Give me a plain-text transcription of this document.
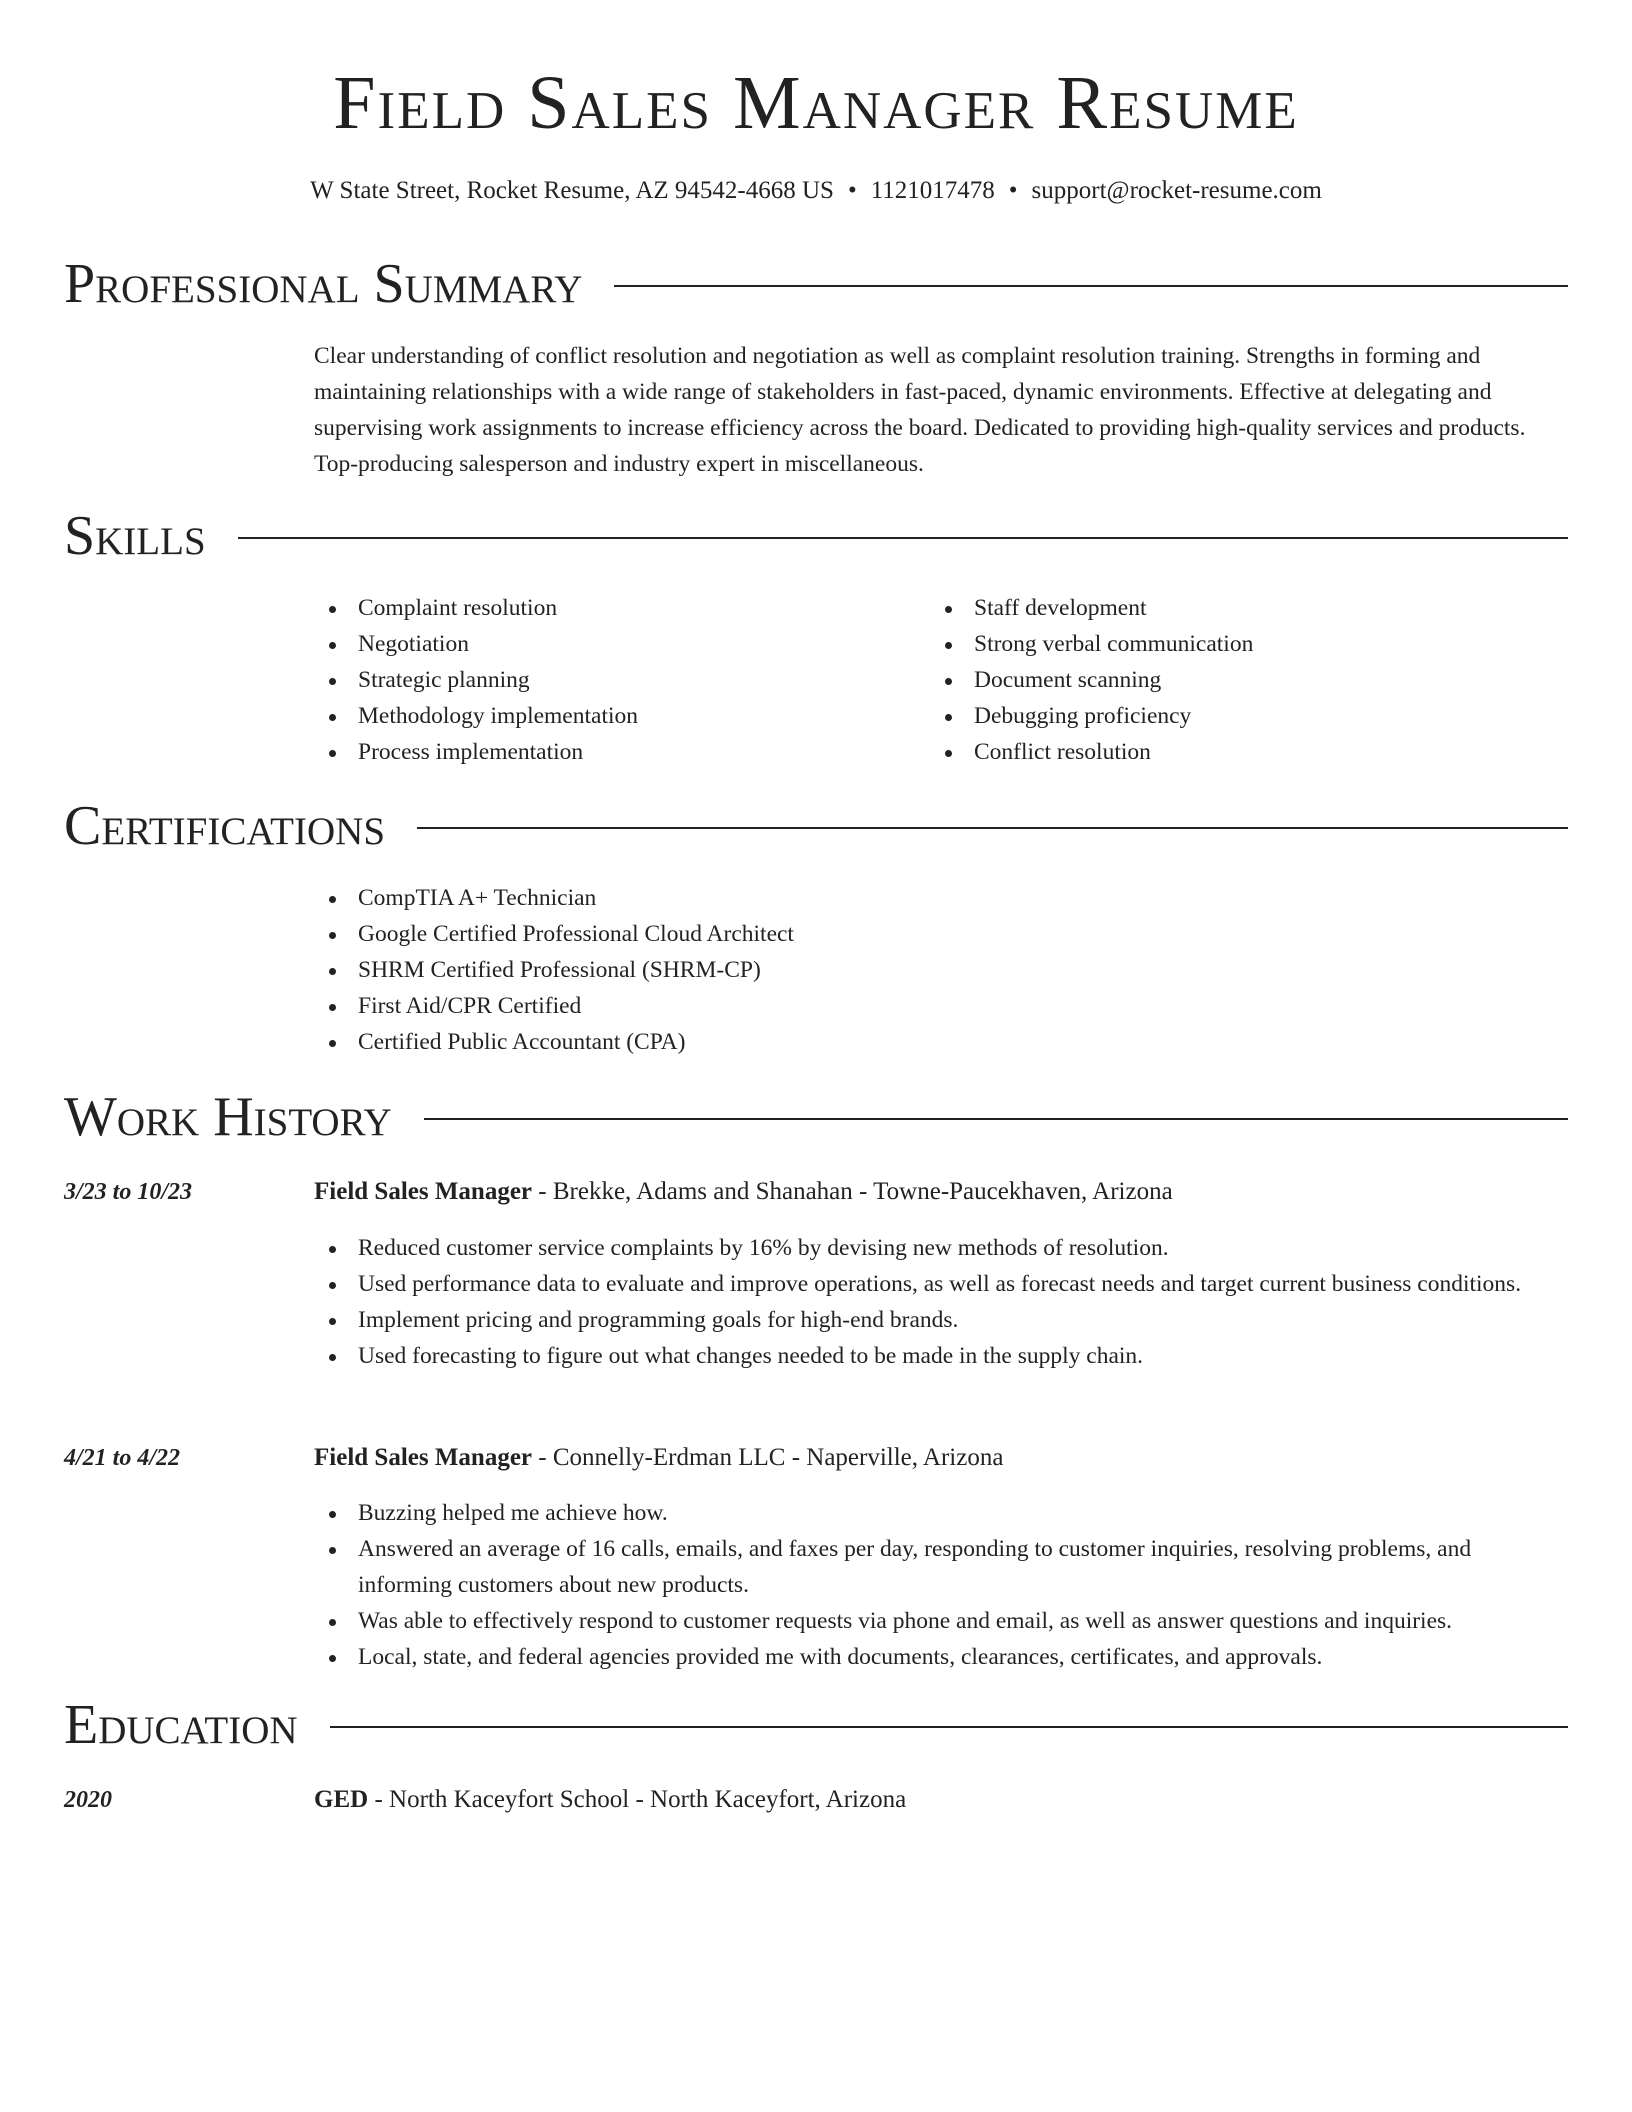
Field Sales Manager Resume
W State Street, Rocket Resume, AZ 94542-4668 US • 1121017478 • support@rocket-resume.com
Professional Summary
Clear understanding of conflict resolution and negotiation as well as complaint resolution training. Strengths in forming and maintaining relationships with a wide range of stakeholders in fast-paced, dynamic environments. Effective at delegating and supervising work assignments to increase efficiency across the board. Dedicated to providing high-quality services and products. Top-producing salesperson and industry expert in miscellaneous.
Skills
Complaint resolution
Negotiation
Strategic planning
Methodology implementation
Process implementation
Staff development
Strong verbal communication
Document scanning
Debugging proficiency
Conflict resolution
Certifications
CompTIA A+ Technician
Google Certified Professional Cloud Architect
SHRM Certified Professional (SHRM-CP)
First Aid/CPR Certified
Certified Public Accountant (CPA)
Work History
3/23 to 10/23	Field Sales Manager - Brekke, Adams and Shanahan - Towne-Paucekhaven, Arizona
Reduced customer service complaints by 16% by devising new methods of resolution.
Used performance data to evaluate and improve operations, as well as forecast needs and target current business conditions.
Implement pricing and programming goals for high-end brands.
Used forecasting to figure out what changes needed to be made in the supply chain.
4/21 to 4/22	Field Sales Manager - Connelly-Erdman LLC - Naperville, Arizona
Buzzing helped me achieve how.
Answered an average of 16 calls, emails, and faxes per day, responding to customer inquiries, resolving problems, and informing customers about new products.
Was able to effectively respond to customer requests via phone and email, as well as answer questions and inquiries.
Local, state, and federal agencies provided me with documents, clearances, certificates, and approvals.
Education
2020	GED - North Kaceyfort School - North Kaceyfort, Arizona
